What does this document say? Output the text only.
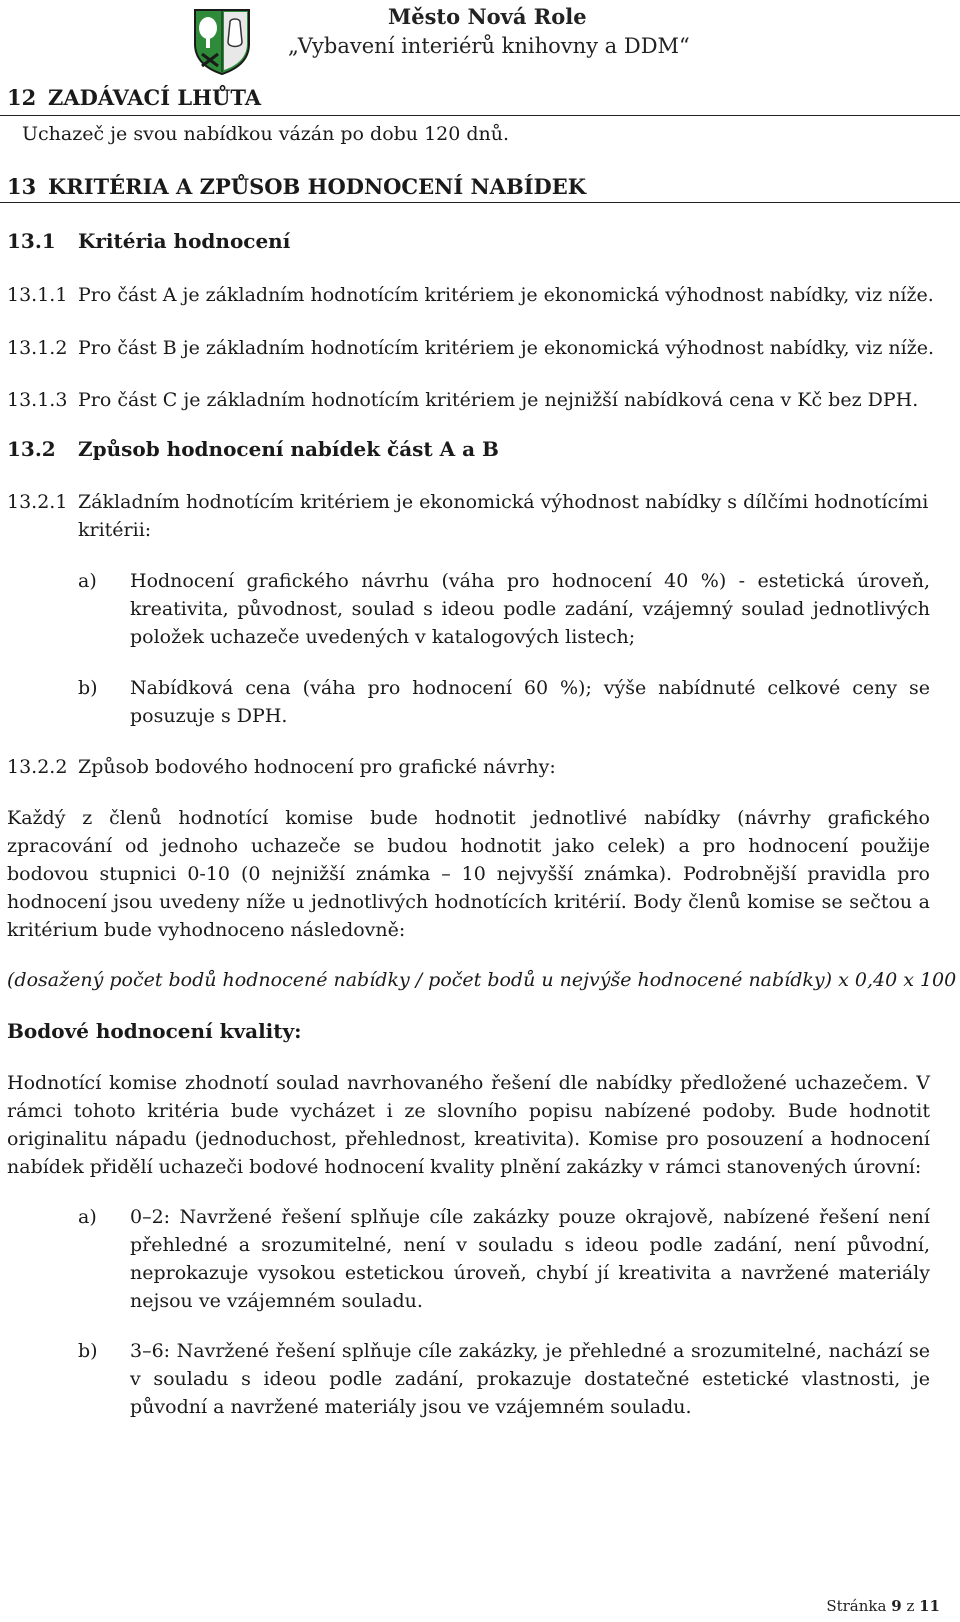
Město Nová Role
„Vybavení interiérů knihovny a DDM“
12 ZADÁVACÍ LHŮTA
Uchazeč je svou nabídkou vázán po dobu 120 dnů.
13 KRITÉRIA A ZPŮSOB HODNOCENÍ NABÍDEK
13.1 Kritéria hodnocení
13.1.1 Pro část A je základním hodnotícím kritériem je ekonomická výhodnost nabídky, viz níže.
13.1.2 Pro část B je základním hodnotícím kritériem je ekonomická výhodnost nabídky, viz níže.
13.1.3 Pro část C je základním hodnotícím kritériem je nejnižší nabídková cena v Kč bez DPH.
13.2 Způsob hodnocení nabídek část A a B
13.2.1 Základním hodnotícím kritériem je ekonomická výhodnost nabídky s dílčími hodnotícími
kritérii:
a) Hodnocení grafického návrhu (váha pro hodnocení 40 %) - estetická úroveň, kreativita, původnost, soulad s ideou podle zadání, vzájemný soulad jednotlivých položek uchazeče uvedených v katalogových listech;
b) Nabídková cena (váha pro hodnocení 60 %); výše nabídnuté celkové ceny se posuzuje s DPH.
13.2.2 Způsob bodového hodnocení pro grafické návrhy:
Každý z členů hodnotící komise bude hodnotit jednotlivé nabídky (návrhy grafického zpracování od jednoho uchazeče se budou hodnotit jako celek) a pro hodnocení použije bodovou stupnici 0-10 (0 nejnižší známka – 10 nejvyšší známka). Podrobnější pravidla pro hodnocení jsou uvedeny níže u jednotlivých hodnotících kritérií. Body členů komise se sečtou a kritérium bude vyhodnoceno následovně:
(dosažený počet bodů hodnocené nabídky / počet bodů u nejvýše hodnocené nabídky) x 0,40 x 100
Bodové hodnocení kvality:
Hodnotící komise zhodnotí soulad navrhovaného řešení dle nabídky předložené uchazečem. V rámci tohoto kritéria bude vycházet i ze slovního popisu nabízené podoby. Bude hodnotit originalitu nápadu (jednoduchost, přehlednost, kreativita). Komise pro posouzení a hodnocení nabídek přidělí uchazeči bodové hodnocení kvality plnění zakázky v rámci stanovených úrovní:
a) 0–2: Navržené řešení splňuje cíle zakázky pouze okrajově, nabízené řešení není přehledné a srozumitelné, není v souladu s ideou podle zadání, není původní, neprokazuje vysokou estetickou úroveň, chybí jí kreativita a navržené materiály nejsou ve vzájemném souladu.
b) 3–6: Navržené řešení splňuje cíle zakázky, je přehledné a srozumitelné, nachází se v souladu s ideou podle zadání, prokazuje dostatečné estetické vlastnosti, je původní a navržené materiály jsou ve vzájemném souladu.
Stránka 9 z 11
